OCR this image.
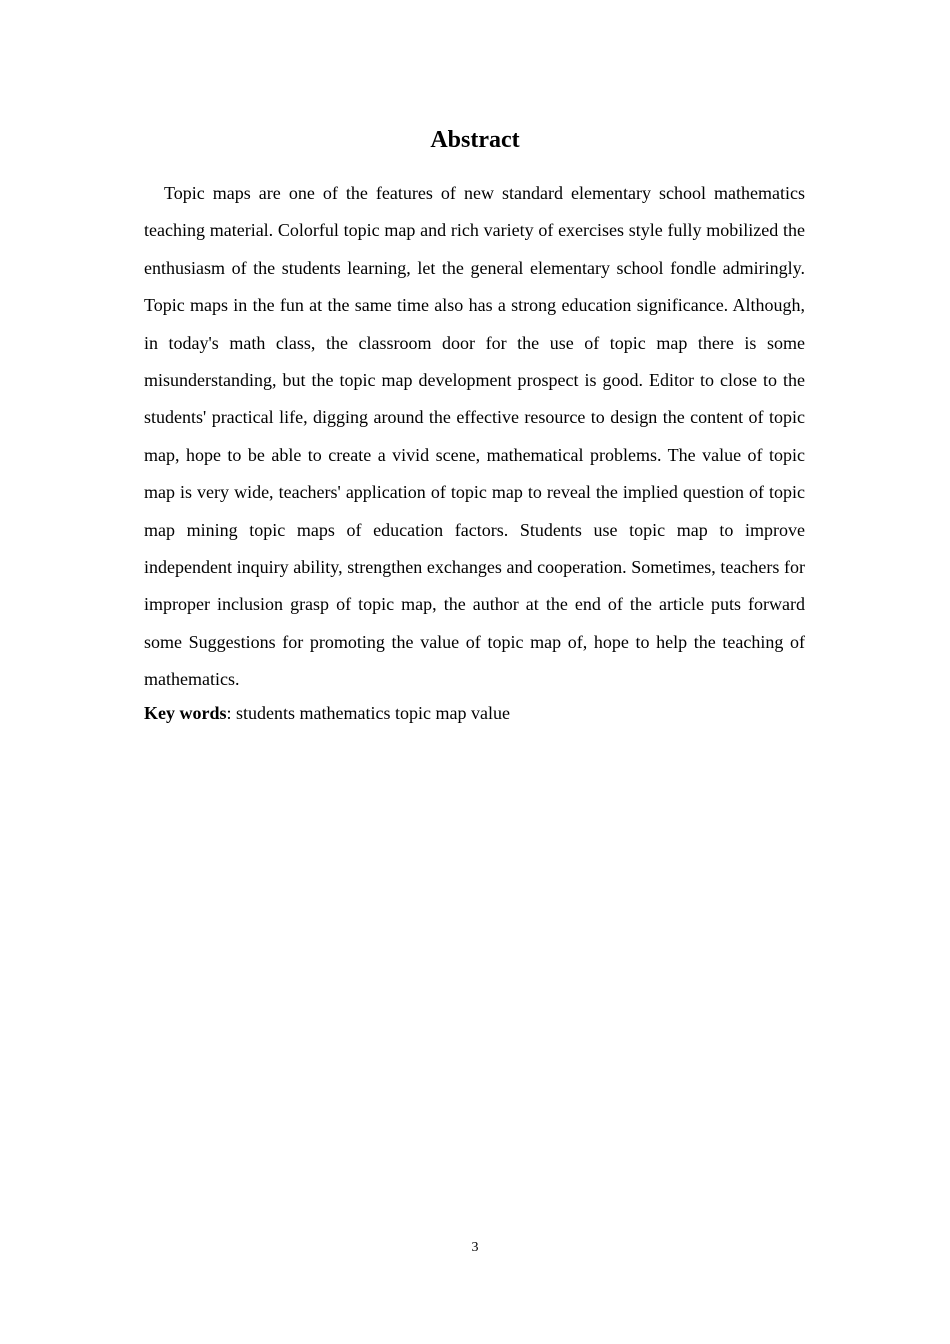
Abstract

Topic maps are one of the features of new standard elementary school mathematics teaching material. Colorful topic map and rich variety of exercises style fully mobilized the enthusiasm of the students learning, let the general elementary school fondle admiringly. Topic maps in the fun at the same time also has a strong education significance. Although, in today's math class, the classroom door for the use of topic map there is some misunderstanding, but the topic map development prospect is good. Editor to close to the students' practical life, digging around the effective resource to design the content of topic map, hope to be able to create a vivid scene, mathematical problems. The value of topic map is very wide, teachers' application of topic map to reveal the implied question of topic map mining topic maps of education factors. Students use topic map to improve independent inquiry ability, strengthen exchanges and cooperation. Sometimes, teachers for improper inclusion grasp of topic map, the author at the end of the article puts forward some Suggestions for promoting the value of topic map of, hope to help the teaching of mathematics.

Key words: students mathematics topic map value

3
